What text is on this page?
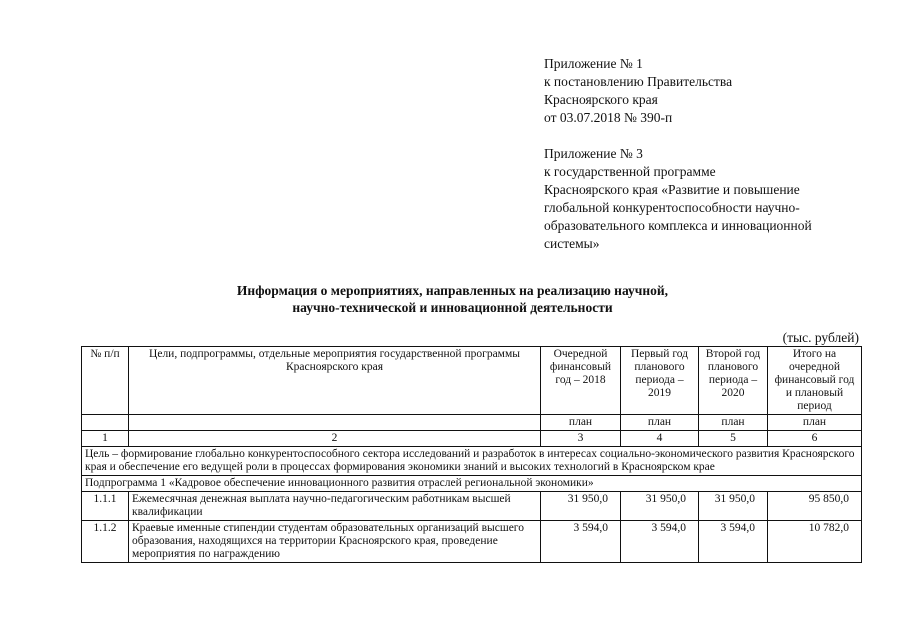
Приложение № 1
к постановлению Правительства
Красноярского края
от 03.07.2018 № 390-п
Приложение № 3
к государственной программе
Красноярского края «Развитие и повышение глобальной конкурентоспособности научно-образовательного комплекса и инновационной системы»
Информация о мероприятиях, направленных на реализацию научной,
научно-технической и инновационной деятельности
(тыс. рублей)
№ п/п	Цели, подпрограммы, отдельные мероприятия государственной программы Красноярского края	Очередной финансовый год – 2018	Первый год планового периода – 2019	Второй год планового периода – 2020	Итого на очередной финансовый год и плановый период
		план	план	план	план
1	2	3	4	5	6
Цель – формирование глобально конкурентоспособного сектора исследований и разработок в интересах социально-экономического развития Красноярского края и обеспечение его ведущей роли в процессах формирования экономики знаний и высоких технологий в Красноярском крае					
Подпрограмма 1 «Кадровое обеспечение инновационного развития отраслей региональной экономики»					
1.1.1	Ежемесячная денежная выплата научно-педагогическим работникам высшей квалификации	31 950,0	31 950,0	31 950,0	95 850,0
1.1.2	Краевые именные стипендии студентам образовательных организаций высшего образования, находящихся на территории Красноярского края, проведение мероприятия по награждению	3 594,0	3 594,0	3 594,0	10 782,0
